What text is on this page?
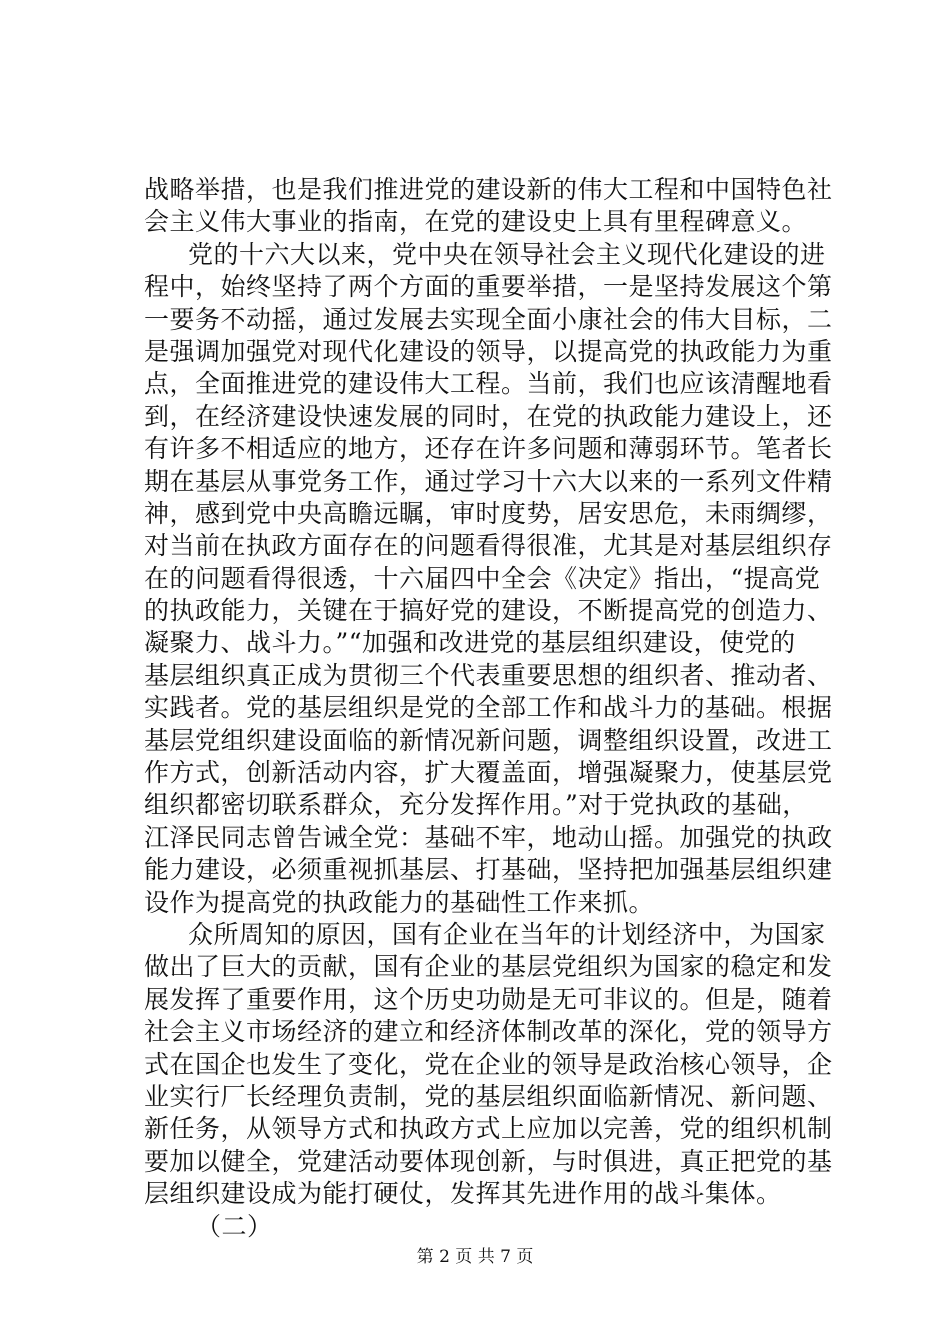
战略举措，也是我们推进党的建设新的伟大工程和中国特色社
会主义伟大事业的指南，在党的建设史上具有里程碑意义。
党的十六大以来，党中央在领导社会主义现代化建设的进
程中，始终坚持了两个方面的重要举措，一是坚持发展这个第
一要务不动摇，通过发展去实现全面小康社会的伟大目标，二
是强调加强党对现代化建设的领导，以提高党的执政能力为重
点，全面推进党的建设伟大工程。当前，我们也应该清醒地看
到，在经济建设快速发展的同时，在党的执政能力建设上，还
有许多不相适应的地方，还存在许多问题和薄弱环节。笔者长
期在基层从事党务工作，通过学习十六大以来的一系列文件精
神，感到党中央高瞻远瞩，审时度势，居安思危，未雨绸缪，
对当前在执政方面存在的问题看得很准，尤其是对基层组织存
在的问题看得很透，十六届四中全会《决定》指出，“提高党
的执政能力，关键在于搞好党的建设，不断提高党的创造力、
凝聚力、战斗力。”“加强和改进党的基层组织建设，使党的
基层组织真正成为贯彻三个代表重要思想的组织者、推动者、
实践者。党的基层组织是党的全部工作和战斗力的基础。根据
基层党组织建设面临的新情况新问题，调整组织设置，改进工
作方式，创新活动内容，扩大覆盖面，增强凝聚力，使基层党
组织都密切联系群众，充分发挥作用。”对于党执政的基础，
江泽民同志曾告诫全党：基础不牢，地动山摇。加强党的执政
能力建设，必须重视抓基层、打基础，坚持把加强基层组织建
设作为提高党的执政能力的基础性工作来抓。
众所周知的原因，国有企业在当年的计划经济中，为国家
做出了巨大的贡献，国有企业的基层党组织为国家的稳定和发
展发挥了重要作用，这个历史功勋是无可非议的。但是，随着
社会主义市场经济的建立和经济体制改革的深化，党的领导方
式在国企也发生了变化，党在企业的领导是政治核心领导，企
业实行厂长经理负责制，党的基层组织面临新情况、新问题、
新任务，从领导方式和执政方式上应加以完善，党的组织机制
要加以健全，党建活动要体现创新，与时俱进，真正把党的基
层组织建设成为能打硬仗，发挥其先进作用的战斗集体。
（二）
第 2 页 共 7 页
